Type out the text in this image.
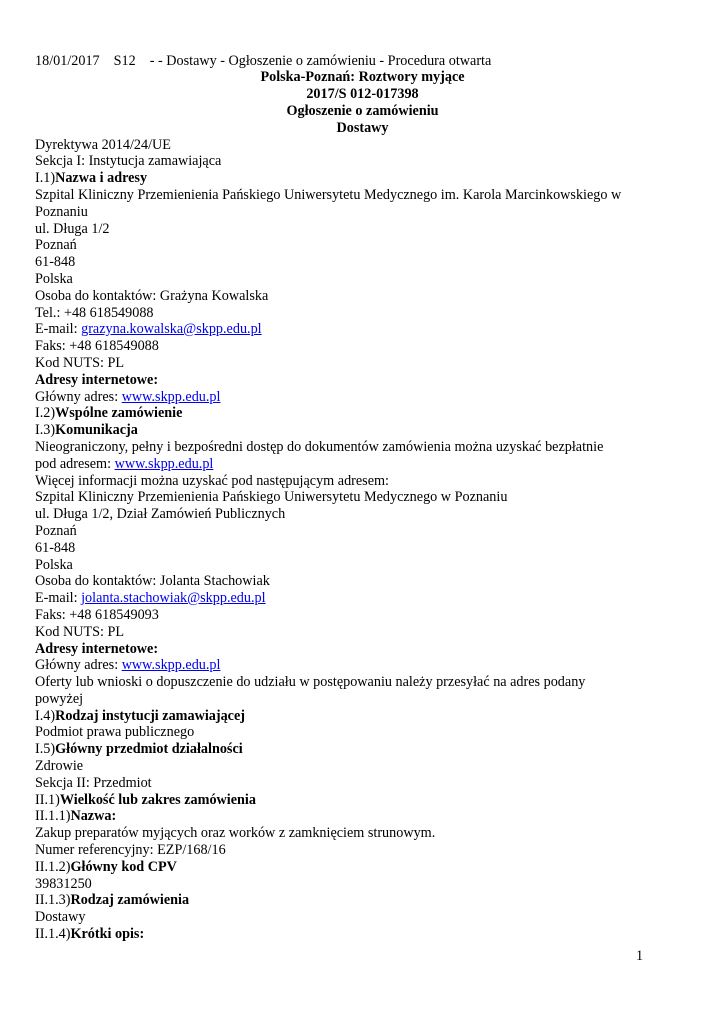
18/01/2017 S12 - - Dostawy - Ogłoszenie o zamówieniu - Procedura otwarta
Polska-Poznań: Roztwory myjące
2017/S 012-017398
Ogłoszenie o zamówieniu
Dostawy
Dyrektywa 2014/24/UE
Sekcja I: Instytucja zamawiająca
I.1)Nazwa i adresy
Szpital Kliniczny Przemienienia Pańskiego Uniwersytetu Medycznego im. Karola Marcinkowskiego w
Poznaniu
ul. Długa 1/2
Poznań
61-848
Polska
Osoba do kontaktów: Grażyna Kowalska
Tel.: +48 618549088
E-mail: grazyna.kowalska@skpp.edu.pl
Faks: +48 618549088
Kod NUTS: PL
Adresy internetowe:
Główny adres: www.skpp.edu.pl
I.2)Wspólne zamówienie
I.3)Komunikacja
Nieograniczony, pełny i bezpośredni dostęp do dokumentów zamówienia można uzyskać bezpłatnie
pod adresem: www.skpp.edu.pl
Więcej informacji można uzyskać pod następującym adresem:
Szpital Kliniczny Przemienienia Pańskiego Uniwersytetu Medycznego w Poznaniu
ul. Długa 1/2, Dział Zamówień Publicznych
Poznań
61-848
Polska
Osoba do kontaktów: Jolanta Stachowiak
E-mail: jolanta.stachowiak@skpp.edu.pl
Faks: +48 618549093
Kod NUTS: PL
Adresy internetowe:
Główny adres: www.skpp.edu.pl
Oferty lub wnioski o dopuszczenie do udziału w postępowaniu należy przesyłać na adres podany
powyżej
I.4)Rodzaj instytucji zamawiającej
Podmiot prawa publicznego
I.5)Główny przedmiot działalności
Zdrowie
Sekcja II: Przedmiot
II.1)Wielkość lub zakres zamówienia
II.1.1)Nazwa:
Zakup preparatów myjących oraz worków z zamknięciem strunowym.
Numer referencyjny: EZP/168/16
II.1.2)Główny kod CPV
39831250
II.1.3)Rodzaj zamówienia
Dostawy
II.1.4)Krótki opis:
1
